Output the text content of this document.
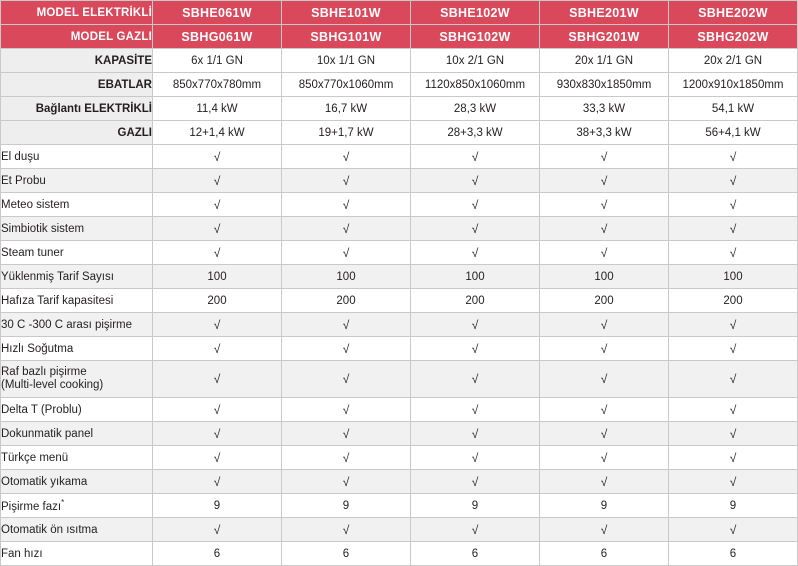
MODEL ELEKTRİKLİ	SBHE061W	SBHE101W	SBHE102W	SBHE201W	SBHE202W
MODEL GAZLI	SBHG061W	SBHG101W	SBHG102W	SBHG201W	SBHG202W
KAPASİTE	6x 1/1 GN	10x 1/1 GN	10x 2/1 GN	20x 1/1 GN	20x 2/1 GN
EBATLAR	850x770x780mm	850x770x1060mm	1120x850x1060mm	930x830x1850mm	1200x910x1850mm
Bağlantı ELEKTRİKLİ	11,4 kW	16,7 kW	28,3 kW	33,3 kW	54,1 kW
GAZLI	12+1,4 kW	19+1,7 kW	28+3,3 kW	38+3,3 kW	56+4,1 kW
El duşu	√	√	√	√	√
Et Probu	√	√	√	√	√
Meteo sistem	√	√	√	√	√
Simbiotik sistem	√	√	√	√	√
Steam tuner	√	√	√	√	√
Yüklenmiş Tarif Sayısı	100	100	100	100	100
Hafıza Tarif kapasitesi	200	200	200	200	200
30 C -300 C arası pişirme	√	√	√	√	√
Hızlı Soğutma	√	√	√	√	√
Raf bazlı pişirme
(Multi-level cooking)	√	√	√	√	√
Delta T (Problu)	√	√	√	√	√
Dokunmatik panel	√	√	√	√	√
Türkçe menü	√	√	√	√	√
Otomatik yıkama	√	√	√	√	√
Pişirme fazı*	9	9	9	9	9
Otomatik ön ısıtma	√	√	√	√	√
Fan hızı	6	6	6	6	6
